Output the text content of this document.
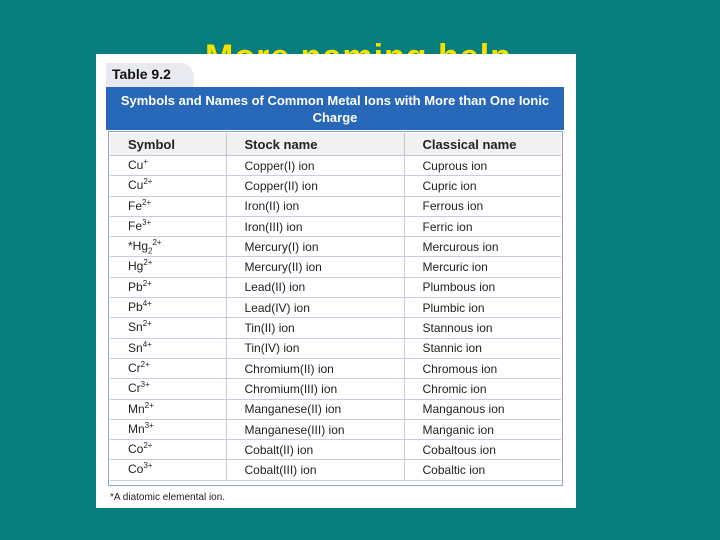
Table 9.2
Symbols and Names of Common Metal Ions with More than One Ionic Charge
Symbol	Stock name	Classical name
Cu+	Copper(I) ion	Cuprous ion
$Cu^{2+}$	Copper(II) ion	Cupric ion
$Fe^{2+}$	Iron(II) ion	Ferrous ion
$Fe^{3+}$	Iron(III) ion	Ferric ion
$*Hg_2^{2+}$	Mercury(I) ion	Mercurous ion
$Hg^{2+}$	Mercury(II) ion	Mercuric ion
$Pb^{2+}$	Lead(II) ion	Plumbous ion
$Pb^{4+}$	Lead(IV) ion	Plumbic ion
$Sn^{2+}$	Tin(II) ion	Stannous ion
$Sn^{4+}$	Tin(IV) ion	Stannic ion
$Cr^{2+}$	Chromium(II) ion	Chromous ion
$Cr^{3+}$	Chromium(III) ion	Chromic ion
$Mn^{2+}$	Manganese(II) ion	Manganous ion
$Mn^{3+}$	Manganese(III) ion	Manganic ion
$Co^{2+}$	Cobalt(II) ion	Cobaltous ion
$Co^{3+}$	Cobalt(III) ion	Cobaltic ion
*A diatomic elemental ion.
